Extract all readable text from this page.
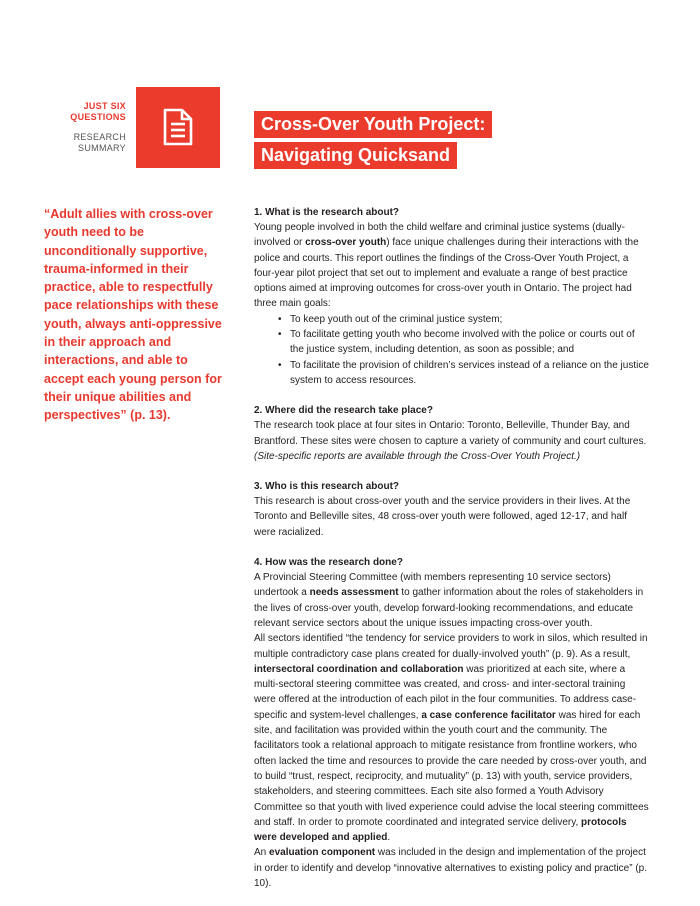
JUST SIX
QUESTIONS
RESEARCH
SUMMARY
Cross-Over Youth Project:
Navigating Quicksand

“Adult allies with cross-over youth need to be unconditionally supportive, trauma-informed in their practice, able to respectfully pace relationships with these youth, always anti-oppressive in their approach and interactions, and able to accept each young person for their unique abilities and perspectives” (p. 13).

1. What is the research about?

Young people involved in both the child welfare and criminal justice systems (dually-involved or cross-over youth) face unique challenges during their interactions with the police and courts. This report outlines the findings of the Cross-Over Youth Project, a four-year pilot project that set out to implement and evaluate a range of best practice options aimed at improving outcomes for cross-over youth in Ontario. The project had three main goals:

• To keep youth out of the criminal justice system;
• To facilitate getting youth who become involved with the police or courts out of the justice system, including detention, as soon as possible; and
• To facilitate the provision of children’s services instead of a reliance on the justice system to access resources.
2. Where did the research take place?

The research took place at four sites in Ontario: Toronto, Belleville, Thunder Bay, and Brantford. These sites were chosen to capture a variety of community and court cultures. (Site-specific reports are available through the Cross-Over Youth Project.)

3. Who is this research about?

This research is about cross-over youth and the service providers in their lives. At the Toronto and Belleville sites, 48 cross-over youth were followed, aged 12-17, and half were racialized.

4. How was the research done?

A Provincial Steering Committee (with members representing 10 service sectors) undertook a needs assessment to gather information about the roles of stakeholders in the lives of cross-over youth, develop forward-looking recommendations, and educate relevant service sectors about the unique issues impacting cross-over youth.

All sectors identified “the tendency for service providers to work in silos, which resulted in multiple contradictory case plans created for dually-involved youth” (p. 9). As a result, intersectoral coordination and collaboration was prioritized at each site, where a multi-sectoral steering committee was created, and cross- and inter-sectoral training were offered at the introduction of each pilot in the four communities. To address case-specific and system-level challenges, a case conference facilitator was hired for each site, and facilitation was provided within the youth court and the community. The facilitators took a relational approach to mitigate resistance from frontline workers, who often lacked the time and resources to provide the care needed by cross-over youth, and to build “trust, respect, reciprocity, and mutuality” (p. 13) with youth, service providers, stakeholders, and steering committees. Each site also formed a Youth Advisory Committee so that youth with lived experience could advise the local steering committees and staff. In order to promote coordinated and integrated service delivery, protocols were developed and applied.

An evaluation component was included in the design and implementation of the project in order to identify and develop “innovative alternatives to existing policy and practice” (p. 10).
